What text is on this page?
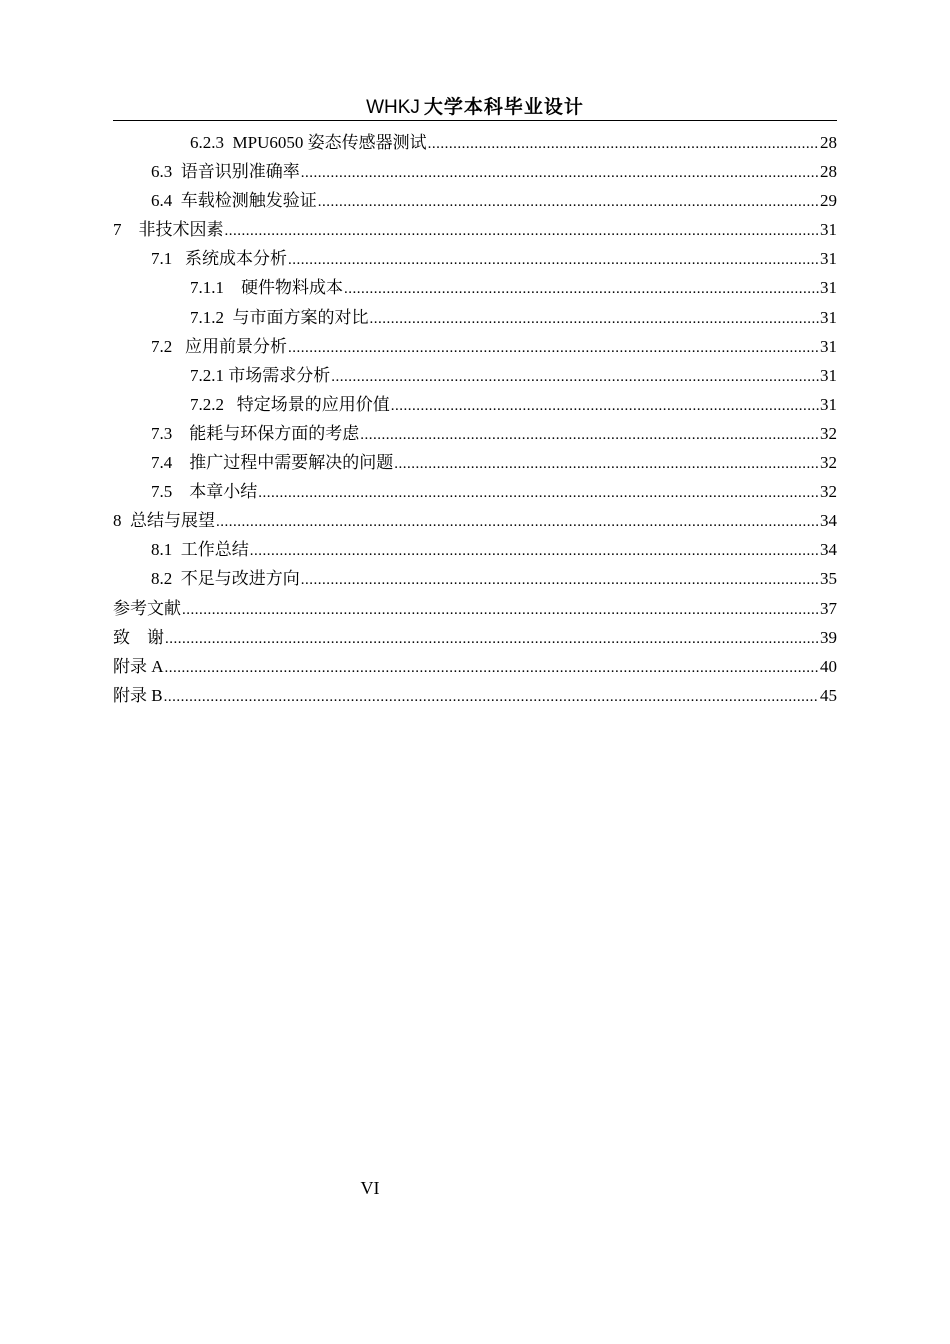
WHKJ 大学本科毕业设计
6.2.3  MPU6050 姿态传感器测试 .....	28
6.3  语音识别准确率 .....	28
6.4  车载检测触发验证 .....	29
7    非技术因素 .....	31
7.1   系统成本分析 .....	31
7.1.1    硬件物料成本 .....	31
7.1.2  与市面方案的对比 .....	31
7.2   应用前景分析 .....	31
7.2.1 市场需求分析 .....	31
7.2.2   特定场景的应用价值 .....	31
7.3    能耗与环保方面的考虑 .....	32
7.4    推广过程中需要解决的问题 .....	32
7.5    本章小结 .....	32
8  总结与展望 .....	34
8.1  工作总结 .....	34
8.2  不足与改进方向 .....	35
参考文献 .....	37
致    谢 .....	39
附录 A .....	40
附录 B .....	45
VI
